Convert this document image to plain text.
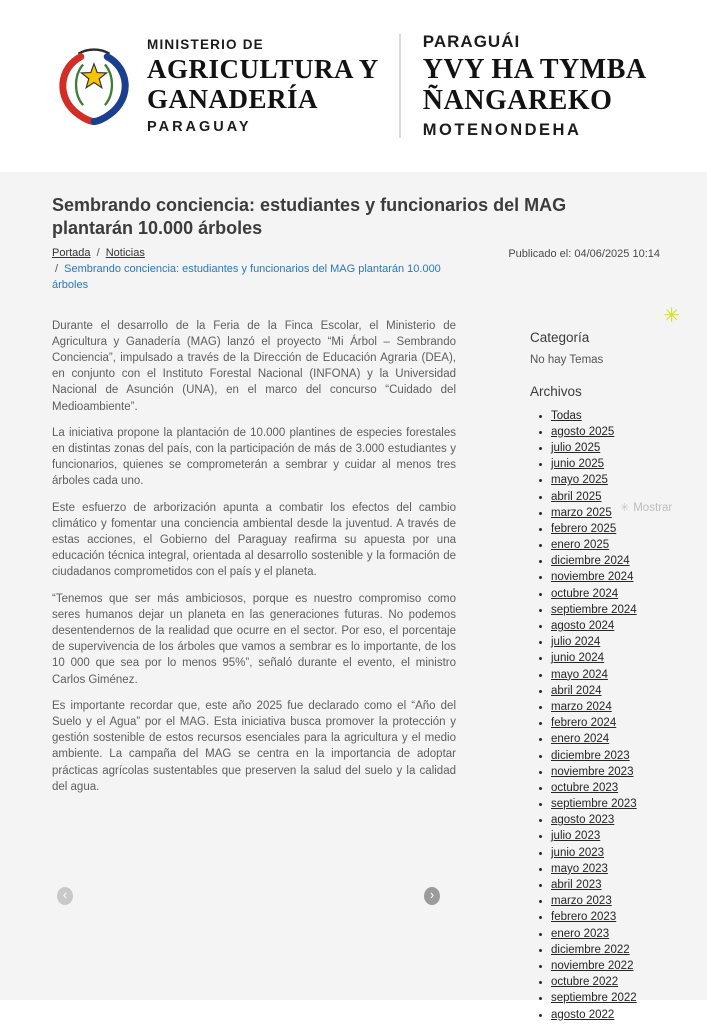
MINISTERIO DE
AGRICULTURA Y
GANADERÍA
PARAGUAY
PARAGUÁI
YVY HA TYMBA
ÑANGAREKO
MOTENONDEHA
Sembrando conciencia: estudiantes y funcionarios del MAG plantarán 10.000 árboles
Portada / Noticias
/ Sembrando conciencia: estudiantes y funcionarios del MAG plantarán 10.000 árboles
Publicado el: 04/06/2025 10:14

Durante el desarrollo de la Feria de la Finca Escolar, el Ministerio de Agricultura y Ganadería (MAG) lanzó el proyecto “Mi Árbol – Sembrando Conciencia”, impulsado a través de la Dirección de Educación Agraria (DEA), en conjunto con el Instituto Forestal Nacional (INFONA) y la Universidad Nacional de Asunción (UNA), en el marco del concurso “Cuidado del Medioambiente”.

La iniciativa propone la plantación de 10.000 plantines de especies forestales en distintas zonas del país, con la participación de más de 3.000 estudiantes y funcionarios, quienes se comprometerán a sembrar y cuidar al menos tres árboles cada uno.

Este esfuerzo de arborización apunta a combatir los efectos del cambio climático y fomentar una conciencia ambiental desde la juventud. A través de estas acciones, el Gobierno del Paraguay reafirma su apuesta por una educación técnica integral, orientada al desarrollo sostenible y la formación de ciudadanos comprometidos con el país y el planeta.

“Tenemos que ser más ambiciosos, porque es nuestro compromiso como seres humanos dejar un planeta en las generaciones futuras. No podemos desentendernos de la realidad que ocurre en el sector. Por eso, el porcentaje de supervivencia de los árboles que vamos a sembrar es lo importante, de los 10 000 que sea por lo menos 95%”, señaló durante el evento, el ministro Carlos Giménez.

Es importante recordar que, este año 2025 fue declarado como el “Año del Suelo y el Agua” por el MAG. Esta iniciativa busca promover la protección y gestión sostenible de estos recursos esenciales para la agricultura y el medio ambiente. La campaña del MAG se centra en la importancia de adoptar prácticas agrícolas sustentables que preserven la salud del suelo y la calidad del agua.

Categoría
No hay Temas
Archivos
• Todas
• agosto 2025
• julio 2025
• junio 2025
• mayo 2025
• abril 2025
• marzo 2025
• febrero 2025
• enero 2025
• diciembre 2024
• noviembre 2024
• octubre 2024
• septiembre 2024
• agosto 2024
• julio 2024
• junio 2024
• mayo 2024
• abril 2024
• marzo 2024
• febrero 2024
• enero 2024
• diciembre 2023
• noviembre 2023
• octubre 2023
• septiembre 2023
• agosto 2023
• julio 2023
• junio 2023
• mayo 2023
• abril 2023
• marzo 2023
• febrero 2023
• enero 2023
• diciembre 2022
• noviembre 2022
• octubre 2022
• septiembre 2022
• agosto 2022
✳
✳ Mostrar
‹	›
